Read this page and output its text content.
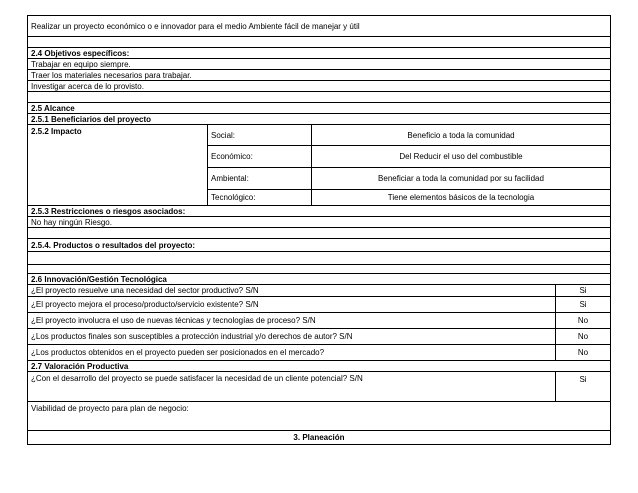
Realizar un proyecto económico o e innovador para el medio Ambiente fácil de manejar y útil			

2.4 Objetivos específicos:			
Trabajar en equipo siempre.			
Traer los materiales necesarios para trabajar.			
Investigar acerca de lo provisto.			

2.5 Alcance			
2.5.1 Beneficiarios del proyecto			
2.5.2 Impacto	Social:	Beneficio a toda la comunidad	
	Económico:	Del Reducir el uso del combustible	
	Ambiental:	Beneficiar a toda la comunidad por su facilidad	
	Tecnológico:	Tiene elementos básicos de la tecnologia	
2.5.3 Restricciones o riesgos asociados:			
No hay ningún Riesgo.			

2.5.4. Productos o resultados del proyecto:			

2.6 Innovación/Gestión Tecnológica			
¿El proyecto resuelve una necesidad del sector productivo? S/N			Si
¿El proyecto mejora el proceso/producto/servicio existente? S/N			Si
¿El proyecto involucra el uso de nuevas técnicas y tecnologías de proceso? S/N			No
¿Los productos finales son susceptibles a protección industrial y/o derechos de autor? S/N			No
¿Los productos obtenidos en el proyecto pueden ser posicionados en el mercado?			No
2.7 Valoración Productiva			
¿Con el desarrollo del proyecto se puede satisfacer la necesidad de un cliente potencial? S/N			Si
Viabilidad de proyecto para plan de negocio:			
3. Planeación			
